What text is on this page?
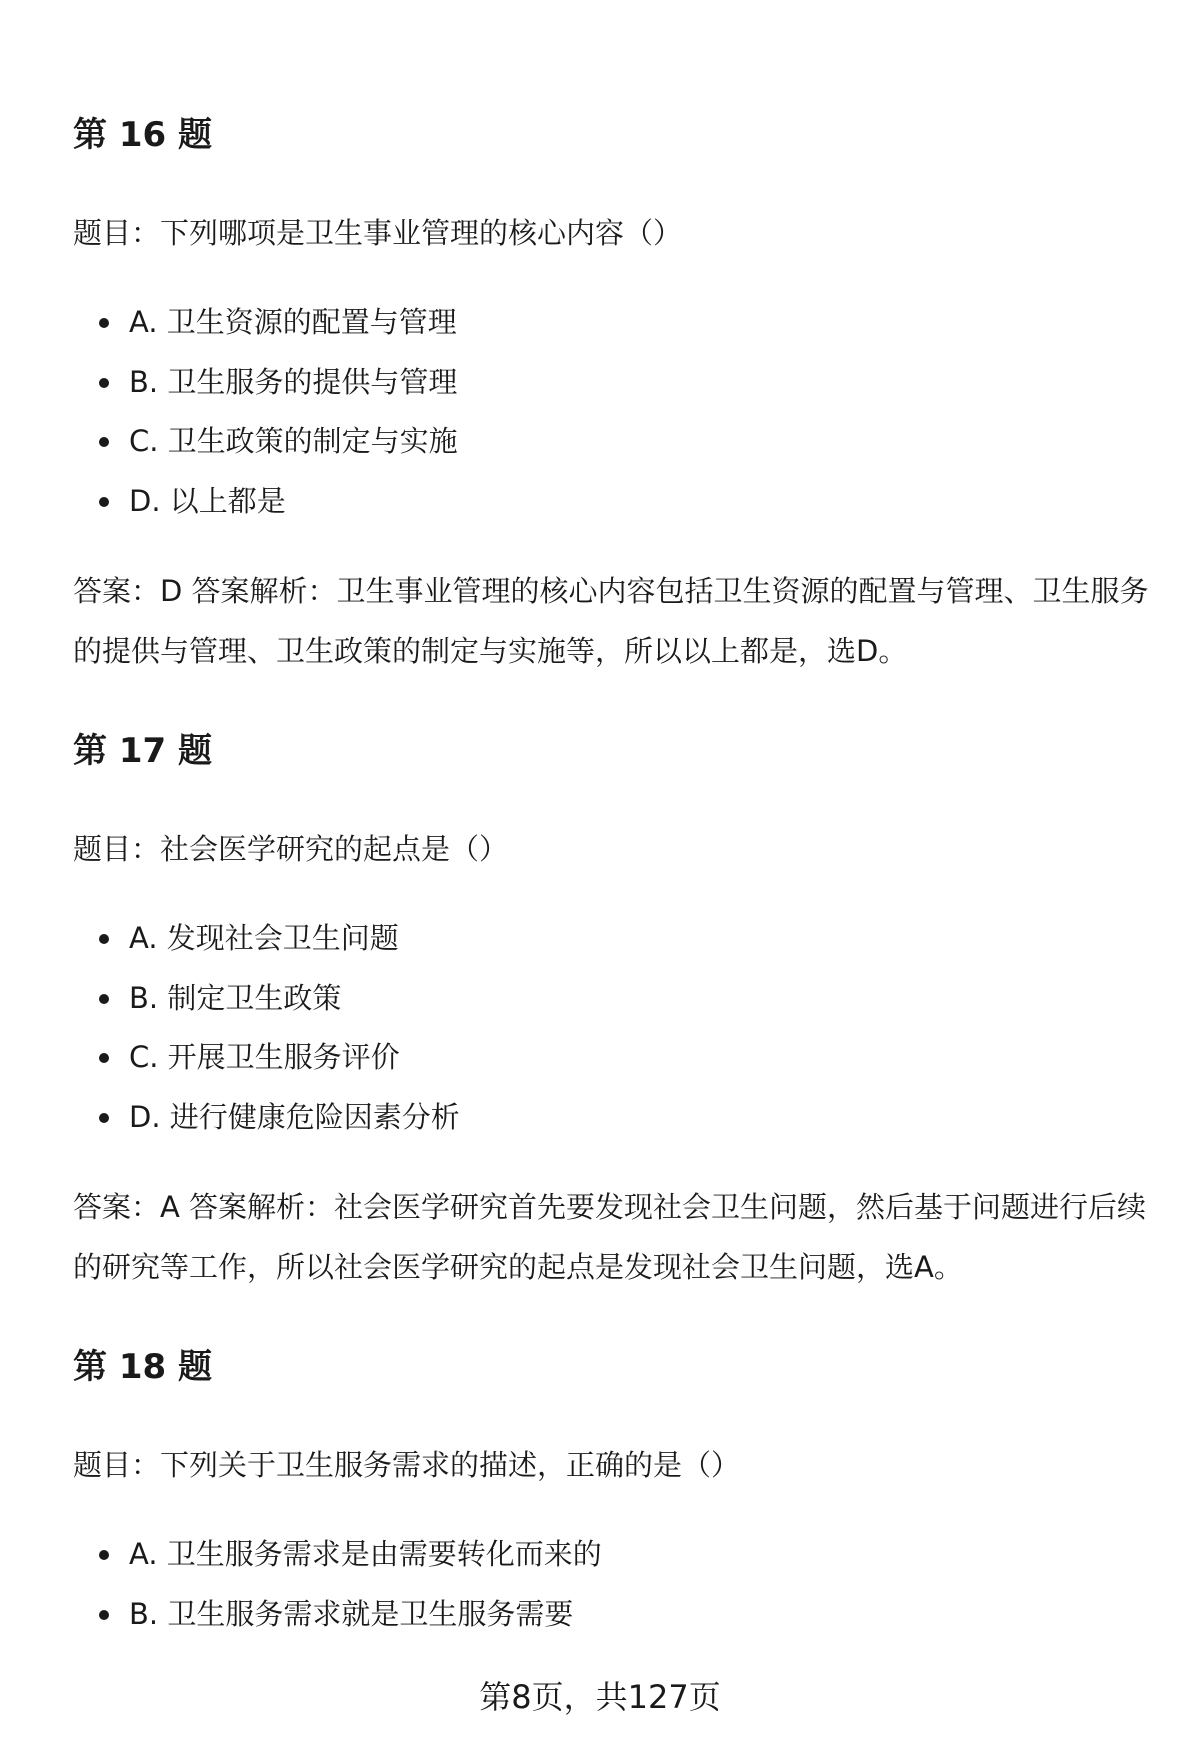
第 16 题
题目：下列哪项是卫生事业管理的核心内容（）
A. 卫生资源的配置与管理
B. 卫生服务的提供与管理
C. 卫生政策的制定与实施
D. 以上都是
答案：D 答案解析：卫生事业管理的核心内容包括卫生资源的配置与管理、卫生服务的提供与管理、卫生政策的制定与实施等，所以以上都是，选D。
第 17 题
题目：社会医学研究的起点是（）
A. 发现社会卫生问题
B. 制定卫生政策
C. 开展卫生服务评价
D. 进行健康危险因素分析
答案：A 答案解析：社会医学研究首先要发现社会卫生问题，然后基于问题进行后续的研究等工作，所以社会医学研究的起点是发现社会卫生问题，选A。
第 18 题
题目：下列关于卫生服务需求的描述，正确的是（）
A. 卫生服务需求是由需要转化而来的
B. 卫生服务需求就是卫生服务需要
第8页，共127页
